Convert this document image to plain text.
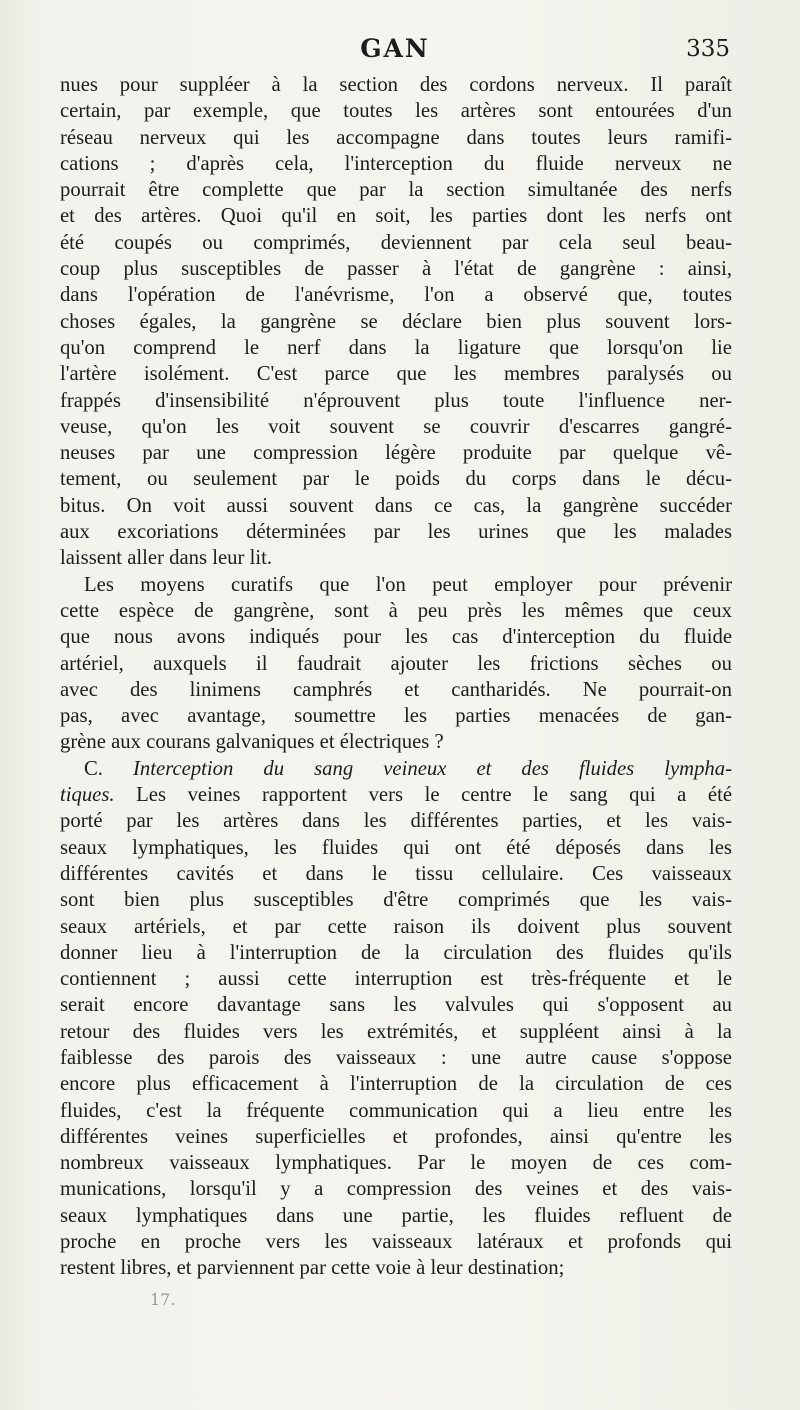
GAN	335
nues pour suppléer à la section des cordons nerveux. Il paraît
certain, par exemple, que toutes les artères sont entourées d'un
réseau nerveux qui les accompagne dans toutes leurs ramifi-
cations ; d'après cela, l'interception du fluide nerveux ne
pourrait être complette que par la section simultanée des nerfs
et des artères. Quoi qu'il en soit, les parties dont les nerfs ont
été coupés ou comprimés, deviennent par cela seul beau-
coup plus susceptibles de passer à l'état de gangrène : ainsi,
dans l'opération de l'anévrisme, l'on a observé que, toutes
choses égales, la gangrène se déclare bien plus souvent lors-
qu'on comprend le nerf dans la ligature que lorsqu'on lie
l'artère isolément. C'est parce que les membres paralysés ou
frappés d'insensibilité n'éprouvent plus toute l'influence ner-
veuse, qu'on les voit souvent se couvrir d'escarres gangré-
neuses par une compression légère produite par quelque vê-
tement, ou seulement par le poids du corps dans le décu-
bitus. On voit aussi souvent dans ce cas, la gangrène succéder
aux excoriations déterminées par les urines que les malades
laissent aller dans leur lit.
Les moyens curatifs que l'on peut employer pour prévenir
cette espèce de gangrène, sont à peu près les mêmes que ceux
que nous avons indiqués pour les cas d'interception du fluide
artériel, auxquels il faudrait ajouter les frictions sèches ou
avec des linimens camphrés et cantharidés. Ne pourrait-on
pas, avec avantage, soumettre les parties menacées de gan-
grène aux courans galvaniques et électriques ?
C. Interception du sang veineux et des fluides lympha-
tiques. Les veines rapportent vers le centre le sang qui a été
porté par les artères dans les différentes parties, et les vais-
seaux lymphatiques, les fluides qui ont été déposés dans les
différentes cavités et dans le tissu cellulaire. Ces vaisseaux
sont bien plus susceptibles d'être comprimés que les vais-
seaux artériels, et par cette raison ils doivent plus souvent
donner lieu à l'interruption de la circulation des fluides qu'ils
contiennent ; aussi cette interruption est très-fréquente et le
serait encore davantage sans les valvules qui s'opposent au
retour des fluides vers les extrémités, et suppléent ainsi à la
faiblesse des parois des vaisseaux : une autre cause s'oppose
encore plus efficacement à l'interruption de la circulation de ces
fluides, c'est la fréquente communication qui a lieu entre les
différentes veines superficielles et profondes, ainsi qu'entre les
nombreux vaisseaux lymphatiques. Par le moyen de ces com-
munications, lorsqu'il y a compression des veines et des vais-
seaux lymphatiques dans une partie, les fluides refluent de
proche en proche vers les vaisseaux latéraux et profonds qui
restent libres, et parviennent par cette voie à leur destination;
17.
